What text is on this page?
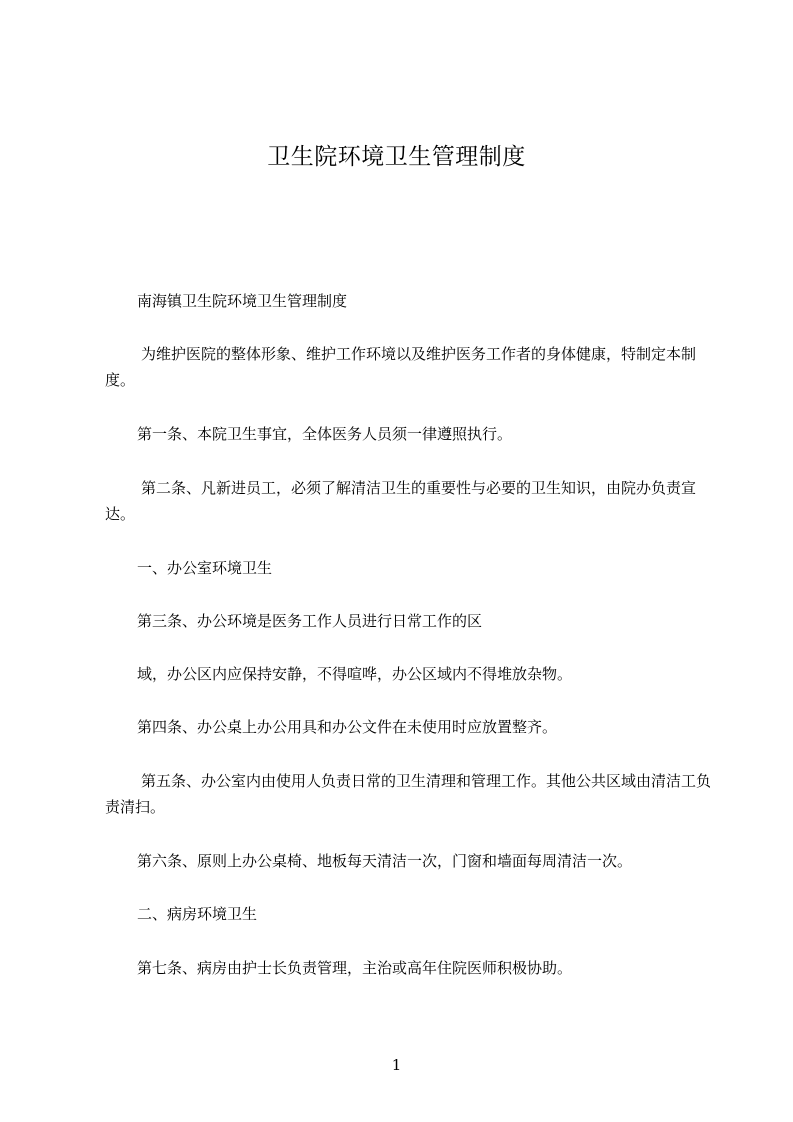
卫生院环境卫生管理制度

南海镇卫生院环境卫生管理制度

为维护医院的整体形象、维护工作环境以及维护医务工作者的身体健康，特制定本制度。

第一条、本院卫生事宜，全体医务人员须一律遵照执行。

第二条、凡新进员工，必须了解清洁卫生的重要性与必要的卫生知识，由院办负责宣达。

一、办公室环境卫生

第三条、办公环境是医务工作人员进行日常工作的区

域，办公区内应保持安静，不得喧哗，办公区域内不得堆放杂物。

第四条、办公桌上办公用具和办公文件在未使用时应放置整齐。

第五条、办公室内由使用人负责日常的卫生清理和管理工作。其他公共区域由清洁工负责清扫。

第六条、原则上办公桌椅、地板每天清洁一次，门窗和墙面每周清洁一次。

二、病房环境卫生

第七条、病房由护士长负责管理，主治或高年住院医师积极协助。

1
